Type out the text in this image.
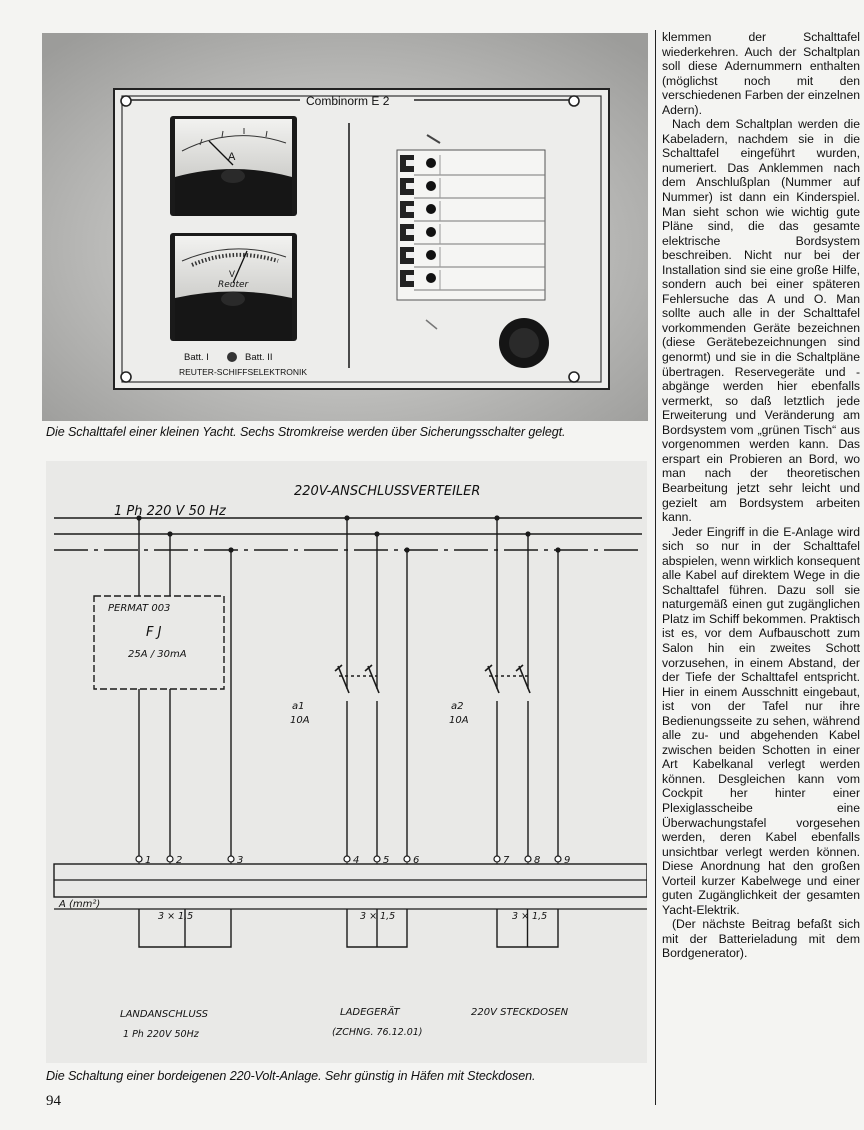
Combinorm E 2
A
V
Reuter
Batt. I	Batt. II
REUTER-SCHIFFSELEKTRONIK
Die Schalttafel einer kleinen Yacht. Sechs Stromkreise werden über Sicherungsschalter gelegt.
1 2	3	4 5 6	7 8 9
220V-ANSCHLUSSVERTEILER
1 Ph 220 V 50 Hz
PERMAT 003
F J
25A / 30mA
a1
10A
a2
10A
A (mm²)
3 × 1,5	3 × 1,5	3 × 1,5
LANDANSCHLUSS
1 Ph 220V 50Hz
LADEGERÄT
(ZCHNG. 76.12.01)
220V STECKDOSEN
Die Schaltung einer bordeigenen 220-Volt-Anlage. Sehr günstig in Häfen mit Steckdosen.

klemmen der Schalttafel wiederkehren. Auch der Schaltplan soll diese Adernummern enthalten (möglichst noch mit den verschiedenen Farben der einzelnen Adern).

Nach dem Schaltplan werden die Kabeladern, nachdem sie in die Schalttafel eingeführt wurden, numeriert. Das Anklemmen nach dem Anschlußplan (Nummer auf Nummer) ist dann ein Kinderspiel. Man sieht schon wie wichtig gute Pläne sind, die das gesamte elektrische Bordsystem beschreiben. Nicht nur bei der Installation sind sie eine große Hilfe, sondern auch bei einer späteren Fehlersuche das A und O. Man sollte auch alle in der Schalttafel vorkommenden Geräte bezeichnen (diese Gerätebezeichnungen sind genormt) und sie in die Schaltpläne übertragen. Reservegeräte und -abgänge werden hier ebenfalls vermerkt, so daß letztlich jede Erweiterung und Veränderung am Bordsystem vom „grünen Tisch“ aus vorgenommen werden kann. Das erspart ein Probieren an Bord, wo man nach der theoretischen Bearbeitung jetzt sehr leicht und gezielt am Bordsystem arbeiten kann.

Jeder Eingriff in die E-Anlage wird sich so nur in der Schalttafel abspielen, wenn wirklich konsequent alle Kabel auf direktem Wege in die Schalttafel führen. Dazu soll sie naturgemäß einen gut zugänglichen Platz im Schiff bekommen. Praktisch ist es, vor dem Aufbauschott zum Salon hin ein zweites Schott vorzusehen, in einem Abstand, der der Tiefe der Schalttafel entspricht. Hier in einem Ausschnitt eingebaut, ist von der Tafel nur ihre Bedienungsseite zu sehen, während alle zu- und abgehenden Kabel zwischen beiden Schotten in einer Art Kabelkanal verlegt werden können. Desgleichen kann vom Cockpit her hinter einer Plexiglasscheibe eine Überwachungstafel vorgesehen werden, deren Kabel ebenfalls unsichtbar verlegt werden können. Diese Anordnung hat den großen Vorteil kurzer Kabelwege und einer guten Zugänglichkeit der gesamten Yacht-Elektrik.

(Der nächste Beitrag befaßt sich mit der Batterieladung mit dem Bordgenerator).

94
